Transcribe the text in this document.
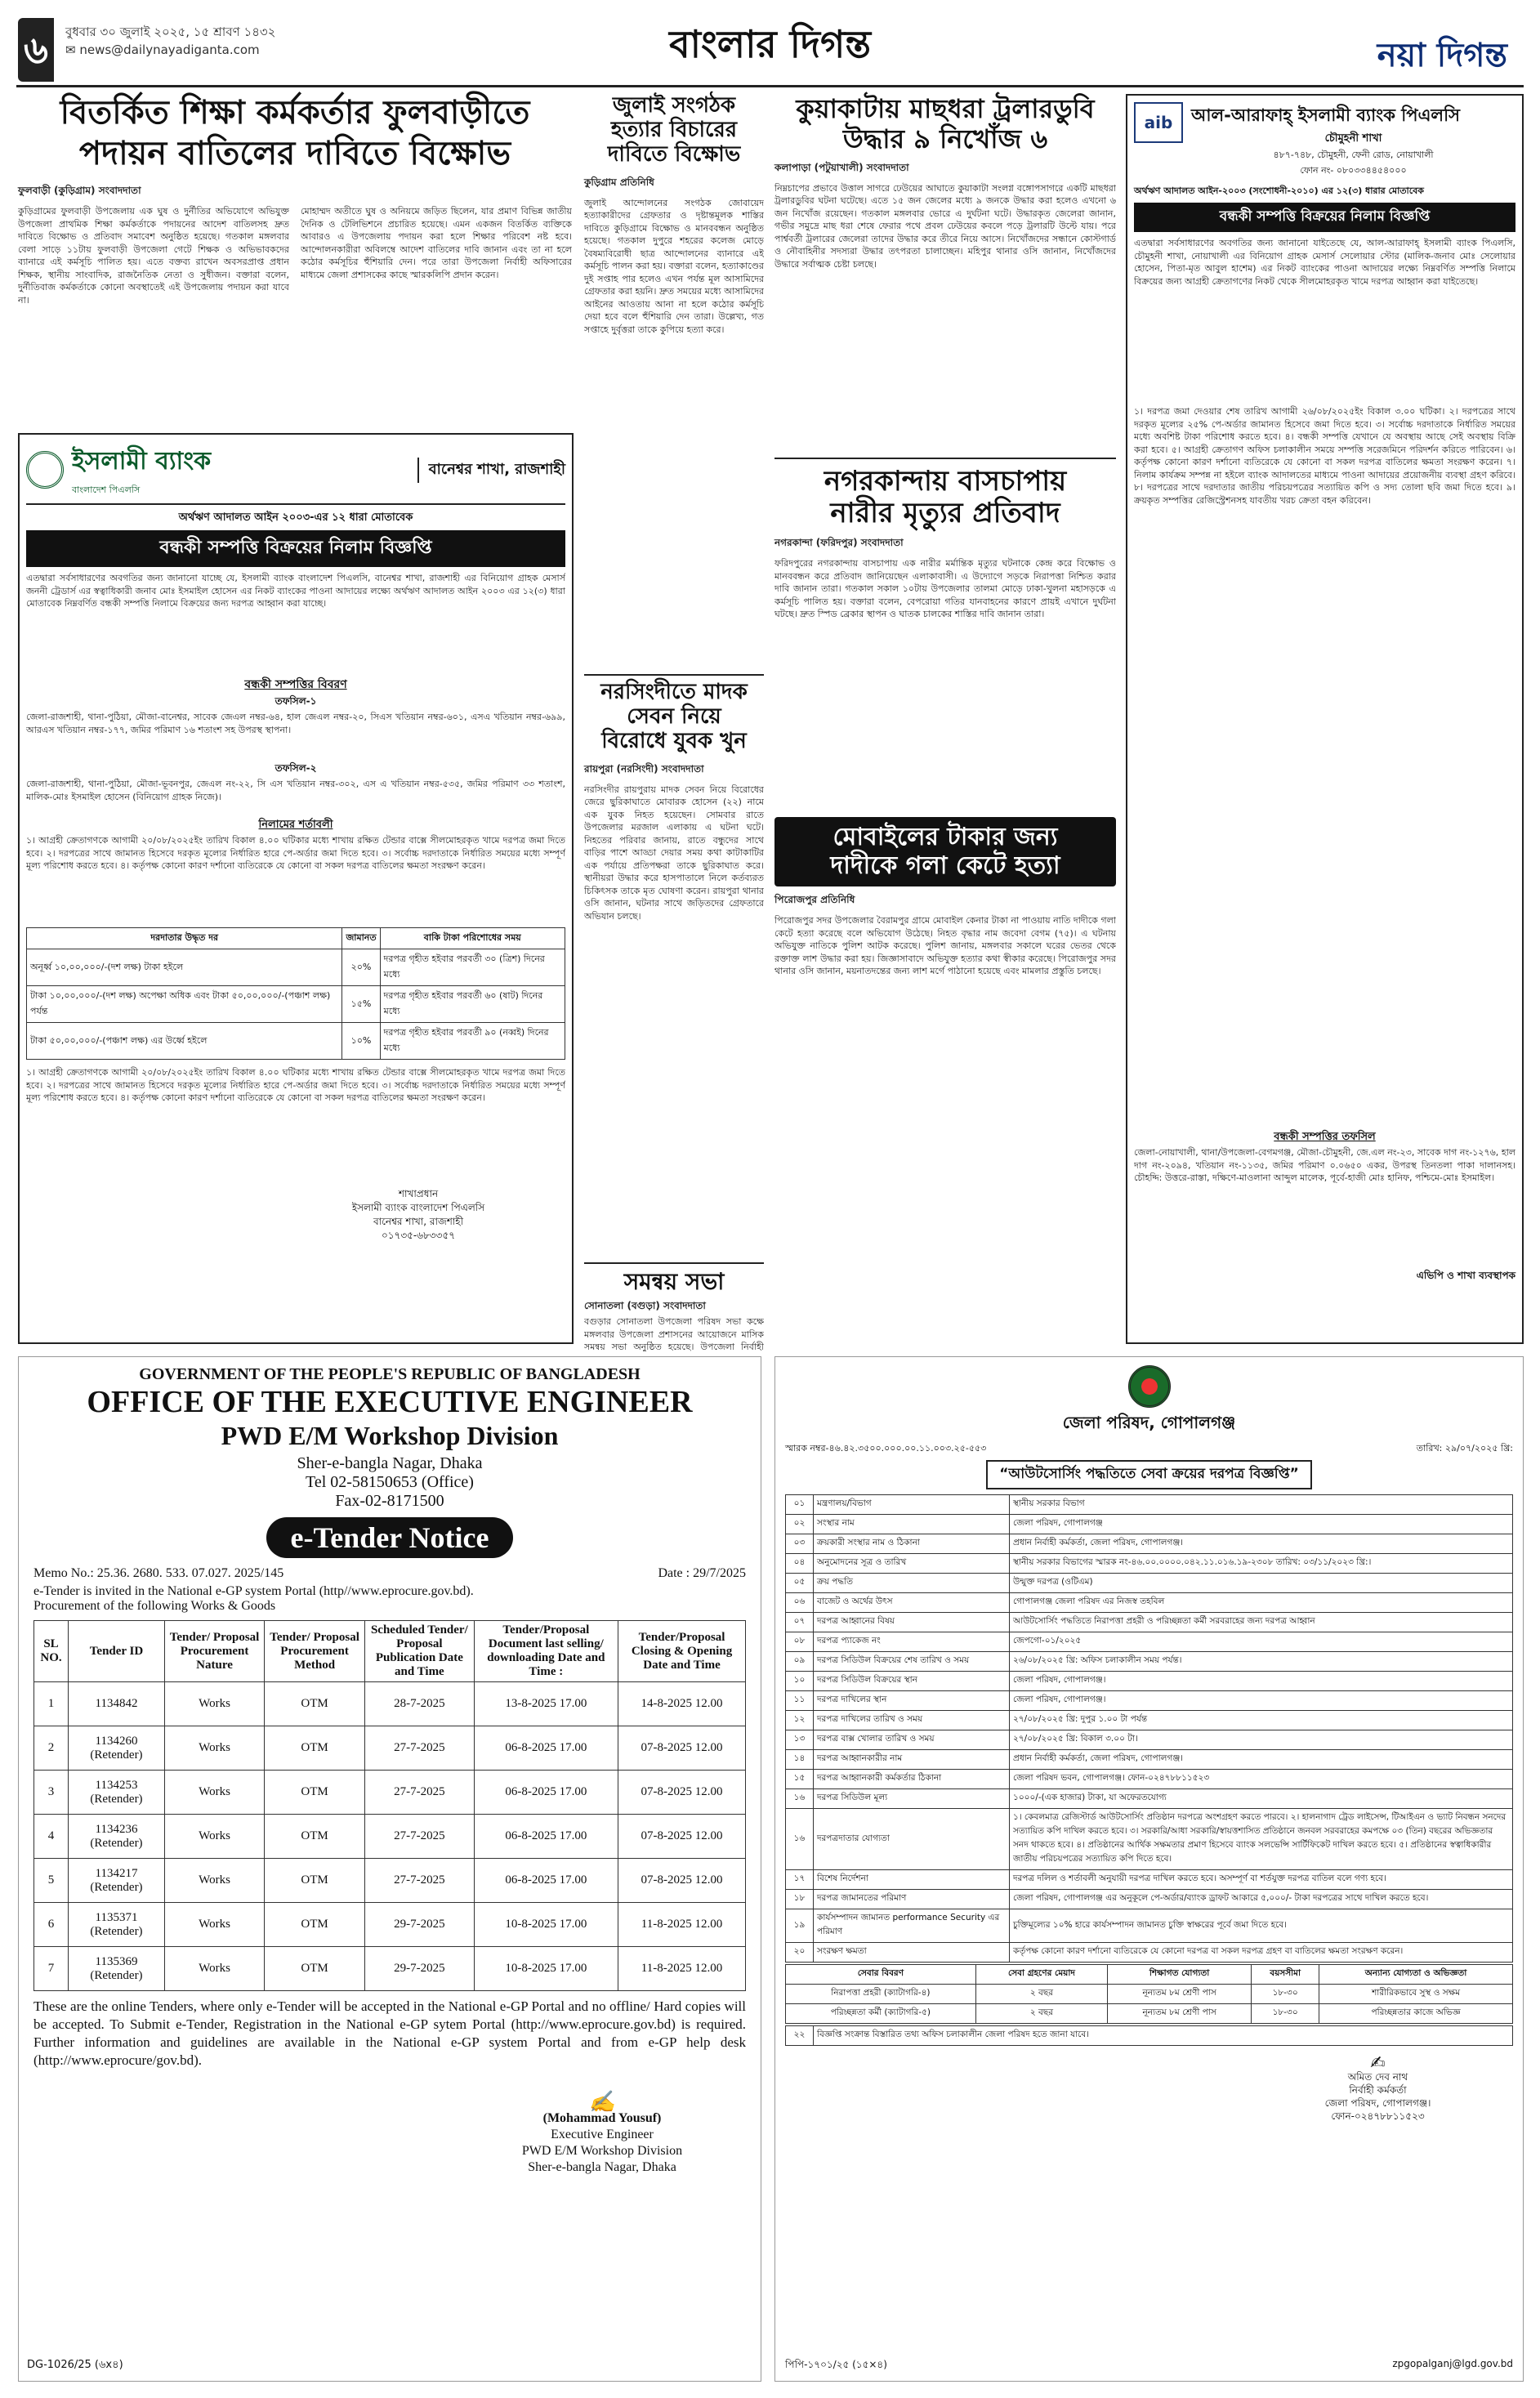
৬	বুধবার ৩০ জুলাই ২০২৫, ১৫ শ্রাবণ ১৪৩২
✉ news@dailynayadiganta.com	বাংলার দিগন্ত	নয়া দিগন্ত
বিতর্কিত শিক্ষা কর্মকর্তার ফুলবাড়ীতে
পদায়ন বাতিলের দাবিতে বিক্ষোভ
ফুলবাড়ী (কুড়িগ্রাম) সংবাদদাতা
কুড়িগ্রামের ফুলবাড়ী উপজেলায় এক ঘুষ ও দুর্নীতির অভিযোগে অভিযুক্ত উপজেলা প্রাথমিক শিক্ষা কর্মকর্তাকে পদায়নের আদেশ বাতিলসহ দ্রুত দাবিতে বিক্ষোভ ও প্রতিবাদ সমাবেশ অনুষ্ঠিত হয়েছে। গতকাল মঙ্গলবার বেলা সাড়ে ১১টায় ফুলবাড়ী উপজেলা গেটে শিক্ষক ও অভিভাবকদের ব্যানারে এই কর্মসূচি পালিত হয়। এতে বক্তব্য রাখেন অবসরপ্রাপ্ত প্রধান শিক্ষক, স্থানীয় সাংবাদিক, রাজনৈতিক নেতা ও সুধীজন। বক্তারা বলেন, দুর্নীতিবাজ কর্মকর্তাকে কোনো অবস্থাতেই এই উপজেলায় পদায়ন করা যাবে না।
মোহাম্মদ অতীতে ঘুষ ও অনিয়মে জড়িত ছিলেন, যার প্রমাণ বিভিন্ন জাতীয় দৈনিক ও টেলিভিশনে প্রচারিত হয়েছে। এমন একজন বিতর্কিত ব্যক্তিকে আবারও এ উপজেলায় পদায়ন করা হলে শিক্ষার পরিবেশ নষ্ট হবে। আন্দোলনকারীরা অবিলম্বে আদেশ বাতিলের দাবি জানান এবং তা না হলে কঠোর কর্মসূচির হুঁশিয়ারি দেন। পরে তারা উপজেলা নির্বাহী অফিসারের মাধ্যমে জেলা প্রশাসকের কাছে স্মারকলিপি প্রদান করেন।
জুলাই সংগঠক
হত্যার বিচারের
দাবিতে বিক্ষোভ
কুড়িগ্রাম প্রতিনিধি
জুলাই আন্দোলনের সংগঠক জোবায়েদ হত্যাকারীদের গ্রেফতার ও দৃষ্টান্তমূলক শাস্তির দাবিতে কুড়িগ্রামে বিক্ষোভ ও মানববন্ধন অনুষ্ঠিত হয়েছে। গতকাল দুপুরে শহরের কলেজ মোড়ে বৈষম্যবিরোধী ছাত্র আন্দোলনের ব্যানারে এই কর্মসূচি পালন করা হয়। বক্তারা বলেন, হত্যাকাণ্ডের দুই সপ্তাহ পার হলেও এখন পর্যন্ত মূল আসামিদের গ্রেফতার করা হয়নি। দ্রুত সময়ের মধ্যে আসামিদের আইনের আওতায় আনা না হলে কঠোর কর্মসূচি দেয়া হবে বলে হুঁশিয়ারি দেন তারা। উল্লেখ্য, গত সপ্তাহে দুর্বৃত্তরা তাকে কুপিয়ে হত্যা করে।
নরসিংদীতে মাদক
সেবন নিয়ে
বিরোধে যুবক খুন
রায়পুরা (নরসিংদী) সংবাদদাতা
নরসিংদীর রায়পুরায় মাদক সেবন নিয়ে বিরোধের জেরে ছুরিকাঘাতে মোবারক হোসেন (২২) নামে এক যুবক নিহত হয়েছেন। সোমবার রাতে উপজেলার মরজাল এলাকায় এ ঘটনা ঘটে। নিহতের পরিবার জানায়, রাতে বন্ধুদের সাথে বাড়ির পাশে আড্ডা দেয়ার সময় কথা কাটাকাটির এক পর্যায়ে প্রতিপক্ষরা তাকে ছুরিকাঘাত করে। স্থানীয়রা উদ্ধার করে হাসপাতালে নিলে কর্তব্যরত চিকিৎসক তাকে মৃত ঘোষণা করেন। রায়পুরা থানার ওসি জানান, ঘটনার সাথে জড়িতদের গ্রেফতারে অভিযান চলছে।
সমন্বয় সভা
সোনাতলা (বগুড়া) সংবাদদাতা
বগুড়ার সোনাতলা উপজেলা পরিষদ সভা কক্ষে মঙ্গলবার উপজেলা প্রশাসনের আয়োজনে মাসিক সমন্বয় সভা অনুষ্ঠিত হয়েছে। উপজেলা নির্বাহী
কুয়াকাটায় মাছধরা ট্রলারডুবি
উদ্ধার ৯ নিখোঁজ ৬
কলাপাড়া (পটুয়াখালী) সংবাদদাতা
নিম্নচাপের প্রভাবে উত্তাল সাগরে ঢেউয়ের আঘাতে কুয়াকাটা সংলগ্ন বঙ্গোপসাগরে একটি মাছধরা ট্রলারডুবির ঘটনা ঘটেছে। এতে ১৫ জন জেলের মধ্যে ৯ জনকে উদ্ধার করা হলেও এখনো ৬ জন নিখোঁজ রয়েছেন। গতকাল মঙ্গলবার ভোরে এ দুর্ঘটনা ঘটে। উদ্ধারকৃত জেলেরা জানান, গভীর সমুদ্রে মাছ ধরা শেষে ফেরার পথে প্রবল ঢেউয়ের কবলে পড়ে ট্রলারটি উল্টে যায়। পরে পার্শ্ববর্তী ট্রলারের জেলেরা তাদের উদ্ধার করে তীরে নিয়ে আসে। নিখোঁজদের সন্ধানে কোস্টগার্ড ও নৌবাহিনীর সদস্যরা উদ্ধার তৎপরতা চালাচ্ছেন। মহিপুর থানার ওসি জানান, নিখোঁজদের উদ্ধারে সর্বাত্মক চেষ্টা চলছে।
নগরকান্দায় বাসচাপায়
নারীর মৃত্যুর প্রতিবাদ
নগরকান্দা (ফরিদপুর) সংবাদদাতা
ফরিদপুরের নগরকান্দায় বাসচাপায় এক নারীর মর্মান্তিক মৃত্যুর ঘটনাকে কেন্দ্র করে বিক্ষোভ ও মানববন্ধন করে প্রতিবাদ জানিয়েছেন এলাকাবাসী। এ উদ্যোগে সড়কে নিরাপত্তা নিশ্চিত করার দাবি জানান তারা। গতকাল সকাল ১০টায় উপজেলার তালমা মোড়ে ঢাকা-খুলনা মহাসড়কে এ কর্মসূচি পালিত হয়। বক্তারা বলেন, বেপরোয়া গতির যানবাহনের কারণে প্রায়ই এখানে দুর্ঘটনা ঘটছে। দ্রুত স্পিড ব্রেকার স্থাপন ও ঘাতক চালকের শাস্তির দাবি জানান তারা।
মোবাইলের টাকার জন্য
দাদীকে গলা কেটে হত্যা
পিরোজপুর প্রতিনিধি
পিরোজপুর সদর উপজেলার বৈরামপুর গ্রামে মোবাইল কেনার টাকা না পাওয়ায় নাতি দাদীকে গলা কেটে হত্যা করেছে বলে অভিযোগ উঠেছে। নিহত বৃদ্ধার নাম জবেদা বেগম (৭৫)। এ ঘটনায় অভিযুক্ত নাতিকে পুলিশ আটক করেছে। পুলিশ জানায়, মঙ্গলবার সকালে ঘরের ভেতর থেকে রক্তাক্ত লাশ উদ্ধার করা হয়। জিজ্ঞাসাবাদে অভিযুক্ত হত্যার কথা স্বীকার করেছে। পিরোজপুর সদর থানার ওসি জানান, ময়নাতদন্তের জন্য লাশ মর্গে পাঠানো হয়েছে এবং মামলার প্রস্তুতি চলছে।
ইসলামী ব্যাংক
বাংলাদেশ পিএলসি
বানেশ্বর শাখা, রাজশাহী
অর্থঋণ আদালত আইন ২০০৩-এর ১২ ধারা মোতাবেক
বন্ধকী সম্পত্তি বিক্রয়ের নিলাম বিজ্ঞপ্তি
এতদ্বারা সর্বসাধারণের অবগতির জন্য জানানো যাচ্ছে যে, ইসলামী ব্যাংক বাংলাদেশ পিএলসি, বানেশ্বর শাখা, রাজশাহী এর বিনিয়োগ গ্রাহক মেসার্স জননী ট্রেডার্স এর স্বত্বাধিকারী জনাব মোঃ ইসমাইল হোসেন এর নিকট ব্যাংকের পাওনা আদায়ের লক্ষ্যে অর্থঋণ আদালত আইন ২০০৩ এর ১২(৩) ধারা মোতাবেক নিম্নবর্ণিত বন্ধকী সম্পত্তি নিলামে বিক্রয়ের জন্য দরপত্র আহ্বান করা যাচ্ছে।
বন্ধকী সম্পত্তির বিবরণ
তফসিল-১
জেলা-রাজশাহী, থানা-পুঠিয়া, মৌজা-বানেশ্বর, সাবেক জেএল নম্বর-৬৪, হাল জেএল নম্বর-২০, সিএস খতিয়ান নম্বর-৬০১, এসএ খতিয়ান নম্বর-৬৯৯, আরএস খতিয়ান নম্বর-১৭৭, জমির পরিমাণ ১৬ শতাংশ সহ উপরস্থ স্থাপনা।
তফসিল-২
জেলা-রাজশাহী, থানা-পুঠিয়া, মৌজা-ভূবনপুর, জেএল নং-২২, সি এস খতিয়ান নম্বর-৩০২, এস এ খতিয়ান নম্বর-৫৩৫, জমির পরিমাণ ৩৩ শতাংশ, মালিক-মোঃ ইসমাইল হোসেন (বিনিয়োগ গ্রাহক নিজে)।
নিলামের শর্তাবলী
১। আগ্রহী ক্রেতাগণকে আগামী ২০/০৮/২০২৫ইং তারিখ বিকাল ৪.০০ ঘটিকার মধ্যে শাখায় রক্ষিত টেন্ডার বাক্সে সীলমোহরকৃত খামে দরপত্র জমা দিতে হবে। ২। দরপত্রের সাথে জামানত হিসেবে দরকৃত মূল্যের নির্ধারিত হারে পে-অর্ডার জমা দিতে হবে। ৩। সর্বোচ্চ দরদাতাকে নির্ধারিত সময়ের মধ্যে সম্পূর্ণ মূল্য পরিশোধ করতে হবে। ৪। কর্তৃপক্ষ কোনো কারণ দর্শানো ব্যতিরেকে যে কোনো বা সকল দরপত্র বাতিলের ক্ষমতা সংরক্ষণ করেন।
দরদাতার উদ্ধৃত দর	জামানত	বাকি টাকা পরিশোধের সময়
অনূর্ধ্ব ১০,০০,০০০/-(দশ লক্ষ) টাকা হইলে	২০%	দরপত্র গৃহীত হইবার পরবর্তী ৩০ (ত্রিশ) দিনের মধ্যে
টাকা ১০,০০,০০০/-(দশ লক্ষ) অপেক্ষা অধিক এবং টাকা ৫০,০০,০০০/-(পঞ্চাশ লক্ষ) পর্যন্ত	১৫%	দরপত্র গৃহীত হইবার পরবর্তী ৬০ (ষাট) দিনের মধ্যে
টাকা ৫০,০০,০০০/-(পঞ্চাশ লক্ষ) এর উর্ধ্বে হইলে	১০%	দরপত্র গৃহীত হইবার পরবর্তী ৯০ (নব্বই) দিনের মধ্যে
১। আগ্রহী ক্রেতাগণকে আগামী ২০/০৮/২০২৫ইং তারিখ বিকাল ৪.০০ ঘটিকার মধ্যে শাখায় রক্ষিত টেন্ডার বাক্সে সীলমোহরকৃত খামে দরপত্র জমা দিতে হবে। ২। দরপত্রের সাথে জামানত হিসেবে দরকৃত মূল্যের নির্ধারিত হারে পে-অর্ডার জমা দিতে হবে। ৩। সর্বোচ্চ দরদাতাকে নির্ধারিত সময়ের মধ্যে সম্পূর্ণ মূল্য পরিশোধ করতে হবে। ৪। কর্তৃপক্ষ কোনো কারণ দর্শানো ব্যতিরেকে যে কোনো বা সকল দরপত্র বাতিলের ক্ষমতা সংরক্ষণ করেন।
শাখাপ্রধান
ইসলামী ব্যাংক বাংলাদেশ পিএলসি
বানেশ্বর শাখা, রাজশাহী
০১৭৩৫-৬৮৩৩৫৭
aib	আল-আরাফাহ্ ইসলামী ব্যাংক পিএলসি
চৌমুহনী শাখা
৪৮৭-৭৪৮, চৌমুহনী, ফেনী রোড, নোয়াখালী
ফোন নং- ০৮০৩৩৪৪৫৪০০০
অর্থঋণ আদালত আইন-২০০৩ (সংশোধনী-২০১০) এর ১২(৩) ধারার মোতাবেক
বন্ধকী সম্পত্তি বিক্রয়ের নিলাম বিজ্ঞপ্তি
এতদ্বারা সর্বসাধারণের অবগতির জন্য জানানো যাইতেছে যে, আল-আরাফাহ্ ইসলামী ব্যাংক পিএলসি, চৌমুহনী শাখা, নোয়াখালী এর বিনিয়োগ গ্রাহক মেসার্স সেলোয়ার স্টোর (মালিক-জনাব মোঃ সেলোয়ার হোসেন, পিতা-মৃত আবুল হাশেম) এর নিকট ব্যাংকের পাওনা আদায়ের লক্ষ্যে নিম্নবর্ণিত সম্পত্তি নিলামে বিক্রয়ের জন্য আগ্রহী ক্রেতাগণের নিকট থেকে সীলমোহরকৃত খামে দরপত্র আহ্বান করা যাইতেছে।
১। দরপত্র জমা দেওয়ার শেষ তারিখ আগামী ২৬/০৮/২০২৫ইং বিকাল ৩.০০ ঘটিকা। ২। দরপত্রের সাথে দরকৃত মূল্যের ২৫% পে-অর্ডার জামানত হিসেবে জমা দিতে হবে। ৩। সর্বোচ্চ দরদাতাকে নির্ধারিত সময়ের মধ্যে অবশিষ্ট টাকা পরিশোধ করতে হবে। ৪। বন্ধকী সম্পত্তি যেখানে যে অবস্থায় আছে সেই অবস্থায় বিক্রি করা হবে। ৫। আগ্রহী ক্রেতাগণ অফিস চলাকালীন সময়ে সম্পত্তি সরেজমিনে পরিদর্শন করিতে পারিবেন। ৬। কর্তৃপক্ষ কোনো কারণ দর্শানো ব্যতিরেকে যে কোনো বা সকল দরপত্র বাতিলের ক্ষমতা সংরক্ষণ করেন। ৭। নিলাম কার্যক্রম সম্পন্ন না হইলে ব্যাংক আদালতের মাধ্যমে পাওনা আদায়ের প্রয়োজনীয় ব্যবস্থা গ্রহণ করিবে। ৮। দরপত্রের সাথে দরদাতার জাতীয় পরিচয়পত্রের সত্যায়িত কপি ও সদ্য তোলা ছবি জমা দিতে হবে। ৯। ক্রয়কৃত সম্পত্তির রেজিস্ট্রেশনসহ যাবতীয় খরচ ক্রেতা বহন করিবেন।
বন্ধকী সম্পত্তির তফসিল
জেলা-নোয়াখালী, থানা/উপজেলা-বেগমগঞ্জ, মৌজা-চৌমুহনী, জে.এল নং-২৩, সাবেক দাগ নং-১২৭৬, হাল দাগ নং-২০৯৪, খতিয়ান নং-১১৩৫, জমির পরিমাণ ০.০৬৫০ একর, উপরস্থ তিনতলা পাকা দালানসহ। চৌহদ্দি: উত্তরে-রাস্তা, দক্ষিণে-মাওলানা আব্দুল মালেক, পূর্বে-হাজী মোঃ হানিফ, পশ্চিমে-মোঃ ইসমাইল।
এভিপি ও শাখা ব্যবস্থাপক
GOVERNMENT OF THE PEOPLE'S REPUBLIC OF BANGLADESH
OFFICE OF THE EXECUTIVE ENGINEER
PWD E/M Workshop Division
Sher-e-bangla Nagar, Dhaka
Tel 02-58150653 (Office)
Fax-02-8171500
e-Tender Notice
Memo No.: 25.36. 2680. 533. 07.027. 2025/145	Date : 29/7/2025
e-Tender is invited in the National e-GP system Portal (http//www.eprocure.gov.bd).
Procurement of the following Works & Goods
SL NO.	Tender ID	Tender/ Proposal Procurement Nature	Tender/ Proposal Procurement Method	Scheduled Tender/ Proposal Publication Date and Time	Tender/Proposal Document last selling/ downloading Date and Time :	Tender/Proposal Closing & Opening Date and Time
1	1134842	Works	OTM	28-7-2025	13-8-2025 17.00	14-8-2025 12.00
2	1134260 (Retender)	Works	OTM	27-7-2025	06-8-2025 17.00	07-8-2025 12.00
3	1134253 (Retender)	Works	OTM	27-7-2025	06-8-2025 17.00	07-8-2025 12.00
4	1134236 (Retender)	Works	OTM	27-7-2025	06-8-2025 17.00	07-8-2025 12.00
5	1134217 (Retender)	Works	OTM	27-7-2025	06-8-2025 17.00	07-8-2025 12.00
6	1135371 (Retender)	Works	OTM	29-7-2025	10-8-2025 17.00	11-8-2025 12.00
7	1135369 (Retender)	Works	OTM	29-7-2025	10-8-2025 17.00	11-8-2025 12.00
These are the online Tenders, where only e-Tender will be accepted in the National e-GP Portal and no offline/ Hard copies will be accepted. To Submit e-Tender, Registration in the National e-GP sytem Portal (http://www.eprocure.gov.bd) is required. Further information and guidelines are available in the National e-GP system Portal and from e-GP help desk (http://www.eprocure/gov.bd).
✍
(Mohammad Yousuf)
Executive Engineer
PWD E/M Workshop Division
Sher-e-bangla Nagar, Dhaka
DG-1026/25 (৬x৪)
জেলা পরিষদ, গোপালগঞ্জ
স্মারক নম্বর-৪৬.৪২.৩৫০০.০০০.০০.১১.০০৩.২৫-৫৫৩	তারিখ: ২৯/০৭/২০২৫ খ্রি:
“আউটসোর্সিং পদ্ধতিতে সেবা ক্রয়ের দরপত্র বিজ্ঞপ্তি”
০১	মন্ত্রণালয়/বিভাগ	স্থানীয় সরকার বিভাগ
০২	সংস্থার নাম	জেলা পরিষদ, গোপালগঞ্জ
০৩	ক্রয়কারী সংস্থার নাম ও ঠিকানা	প্রধান নির্বাহী কর্মকর্তা, জেলা পরিষদ, গোপালগঞ্জ।
০৪	অনুমোদনের সূত্র ও তারিখ	স্থানীয় সরকার বিভাগের স্মারক নং-৪৬.০০.০০০০.০৪২.১১.০১৬.১৯-২৩০৮ তারিখ: ০৩/১১/২০২৩ খ্রি:।
০৫	ক্রয় পদ্ধতি	উন্মুক্ত দরপত্র (ওটিএম)
০৬	বাজেট ও অর্থের উৎস	গোপালগঞ্জ জেলা পরিষদ এর নিজস্ব তহবিল
০৭	দরপত্র আহ্বানের বিষয়	আউটসোর্সিং পদ্ধতিতে নিরাপত্তা প্রহরী ও পরিচ্ছন্নতা কর্মী সরবরাহের জন্য দরপত্র আহ্বান
০৮	দরপত্র প্যাকেজ নং	জেপগো-০১/২০২৫
০৯	দরপত্র সিডিউল বিক্রয়ের শেষ তারিখ ও সময়	২৬/০৮/২০২৫ খ্রি: অফিস চলাকালীন সময় পর্যন্ত।
১০	দরপত্র সিডিউল বিক্রয়ের স্থান	জেলা পরিষদ, গোপালগঞ্জ।
১১	দরপত্র দাখিলের স্থান	জেলা পরিষদ, গোপালগঞ্জ।
১২	দরপত্র দাখিলের তারিখ ও সময়	২৭/০৮/২০২৫ খ্রি: দুপুর ১.০০ টা পর্যন্ত
১৩	দরপত্র বাক্স খোলার তারিখ ও সময়	২৭/০৮/২০২৫ খ্রি: বিকাল ৩.০০ টা।
১৪	দরপত্র আহ্বানকারীর নাম	প্রধান নির্বাহী কর্মকর্তা, জেলা পরিষদ, গোপালগঞ্জ।
১৫	দরপত্র আহ্বানকারী কর্মকর্তার ঠিকানা	জেলা পরিষদ ভবন, গোপালগঞ্জ। ফোন-০২৪৭৮৮১১৫২৩
১৬	দরপত্র সিডিউল মূল্য	১০০০/-(এক হাজার) টাকা, যা অফেরতযোগ্য
১৬	দরপত্রদাতার যোগ্যতা	১। কেবলমাত্র রেজিস্টার্ড আউটসোর্সিং প্রতিষ্ঠান দরপত্রে অংশগ্রহণ করতে পারবে। ২। হালনাগাদ ট্রেড লাইসেন্স, টিআইএন ও ভ্যাট নিবন্ধন সনদের সত্যায়িত কপি দাখিল করতে হবে। ৩। সরকারি/আধা সরকারি/স্বায়ত্তশাসিত প্রতিষ্ঠানে জনবল সরবরাহের কমপক্ষে ০৩ (তিন) বছরের অভিজ্ঞতার সনদ থাকতে হবে। ৪। প্রতিষ্ঠানের আর্থিক সক্ষমতার প্রমাণ হিসেবে ব্যাংক সলভেন্সি সার্টিফিকেট দাখিল করতে হবে। ৫। প্রতিষ্ঠানের স্বত্বাধিকারীর জাতীয় পরিচয়পত্রের সত্যায়িত কপি দিতে হবে।
১৭	বিশেষ নির্দেশনা	দরপত্র দলিল ও শর্তাবলী অনুযায়ী দরপত্র দাখিল করতে হবে। অসম্পূর্ণ বা শর্তযুক্ত দরপত্র বাতিল বলে গণ্য হবে।
১৮	দরপত্র জামানতের পরিমাণ	জেলা পরিষদ, গোপালগঞ্জ এর অনুকূলে পে-অর্ডার/ব্যাংক ড্রাফট আকারে ৫,০০০/- টাকা দরপত্রের সাথে দাখিল করতে হবে।
১৯	কার্যসম্পাদন জামানত performance Security এর পরিমাণ	চুক্তিমূল্যের ১০% হারে কার্যসম্পাদন জামানত চুক্তি স্বাক্ষরের পূর্বে জমা দিতে হবে।
২০	সংরক্ষণ ক্ষমতা	কর্তৃপক্ষ কোনো কারণ দর্শানো ব্যতিরেকে যে কোনো দরপত্র বা সকল দরপত্র গ্রহণ বা বাতিলের ক্ষমতা সংরক্ষণ করেন।
সেবার বিবরণ	সেবা গ্রহণের মেয়াদ	শিক্ষাগত যোগ্যতা	বয়সসীমা	অন্যান্য যোগ্যতা ও অভিজ্ঞতা
নিরাপত্তা প্রহরী (ক্যাটাগরি-৪)	২ বছর	নূন্যতম ৮ম শ্রেণী পাস	১৮-৩০	শারীরিকভাবে সুস্থ ও সক্ষম
পরিচ্ছন্নতা কর্মী (ক্যাটাগরি-৫)	২ বছর	নূন্যতম ৮ম শ্রেণী পাস	১৮-৩০	পরিচ্ছন্নতার কাজে অভিজ্ঞ
২২	বিজ্ঞপ্তি সংক্রান্ত বিস্তারিত তথ্য অফিস চলাকালীন জেলা পরিষদ হতে জানা যাবে।
✍
অমিত দেব নাথ
নির্বাহী কর্মকর্তা
জেলা পরিষদ, গোপালগঞ্জ।
ফোন-০২৪৭৮৮১১৫২৩
পিপি-১৭০১/২৫ (১৫×৪)	zpgopalganj@lgd.gov.bd
